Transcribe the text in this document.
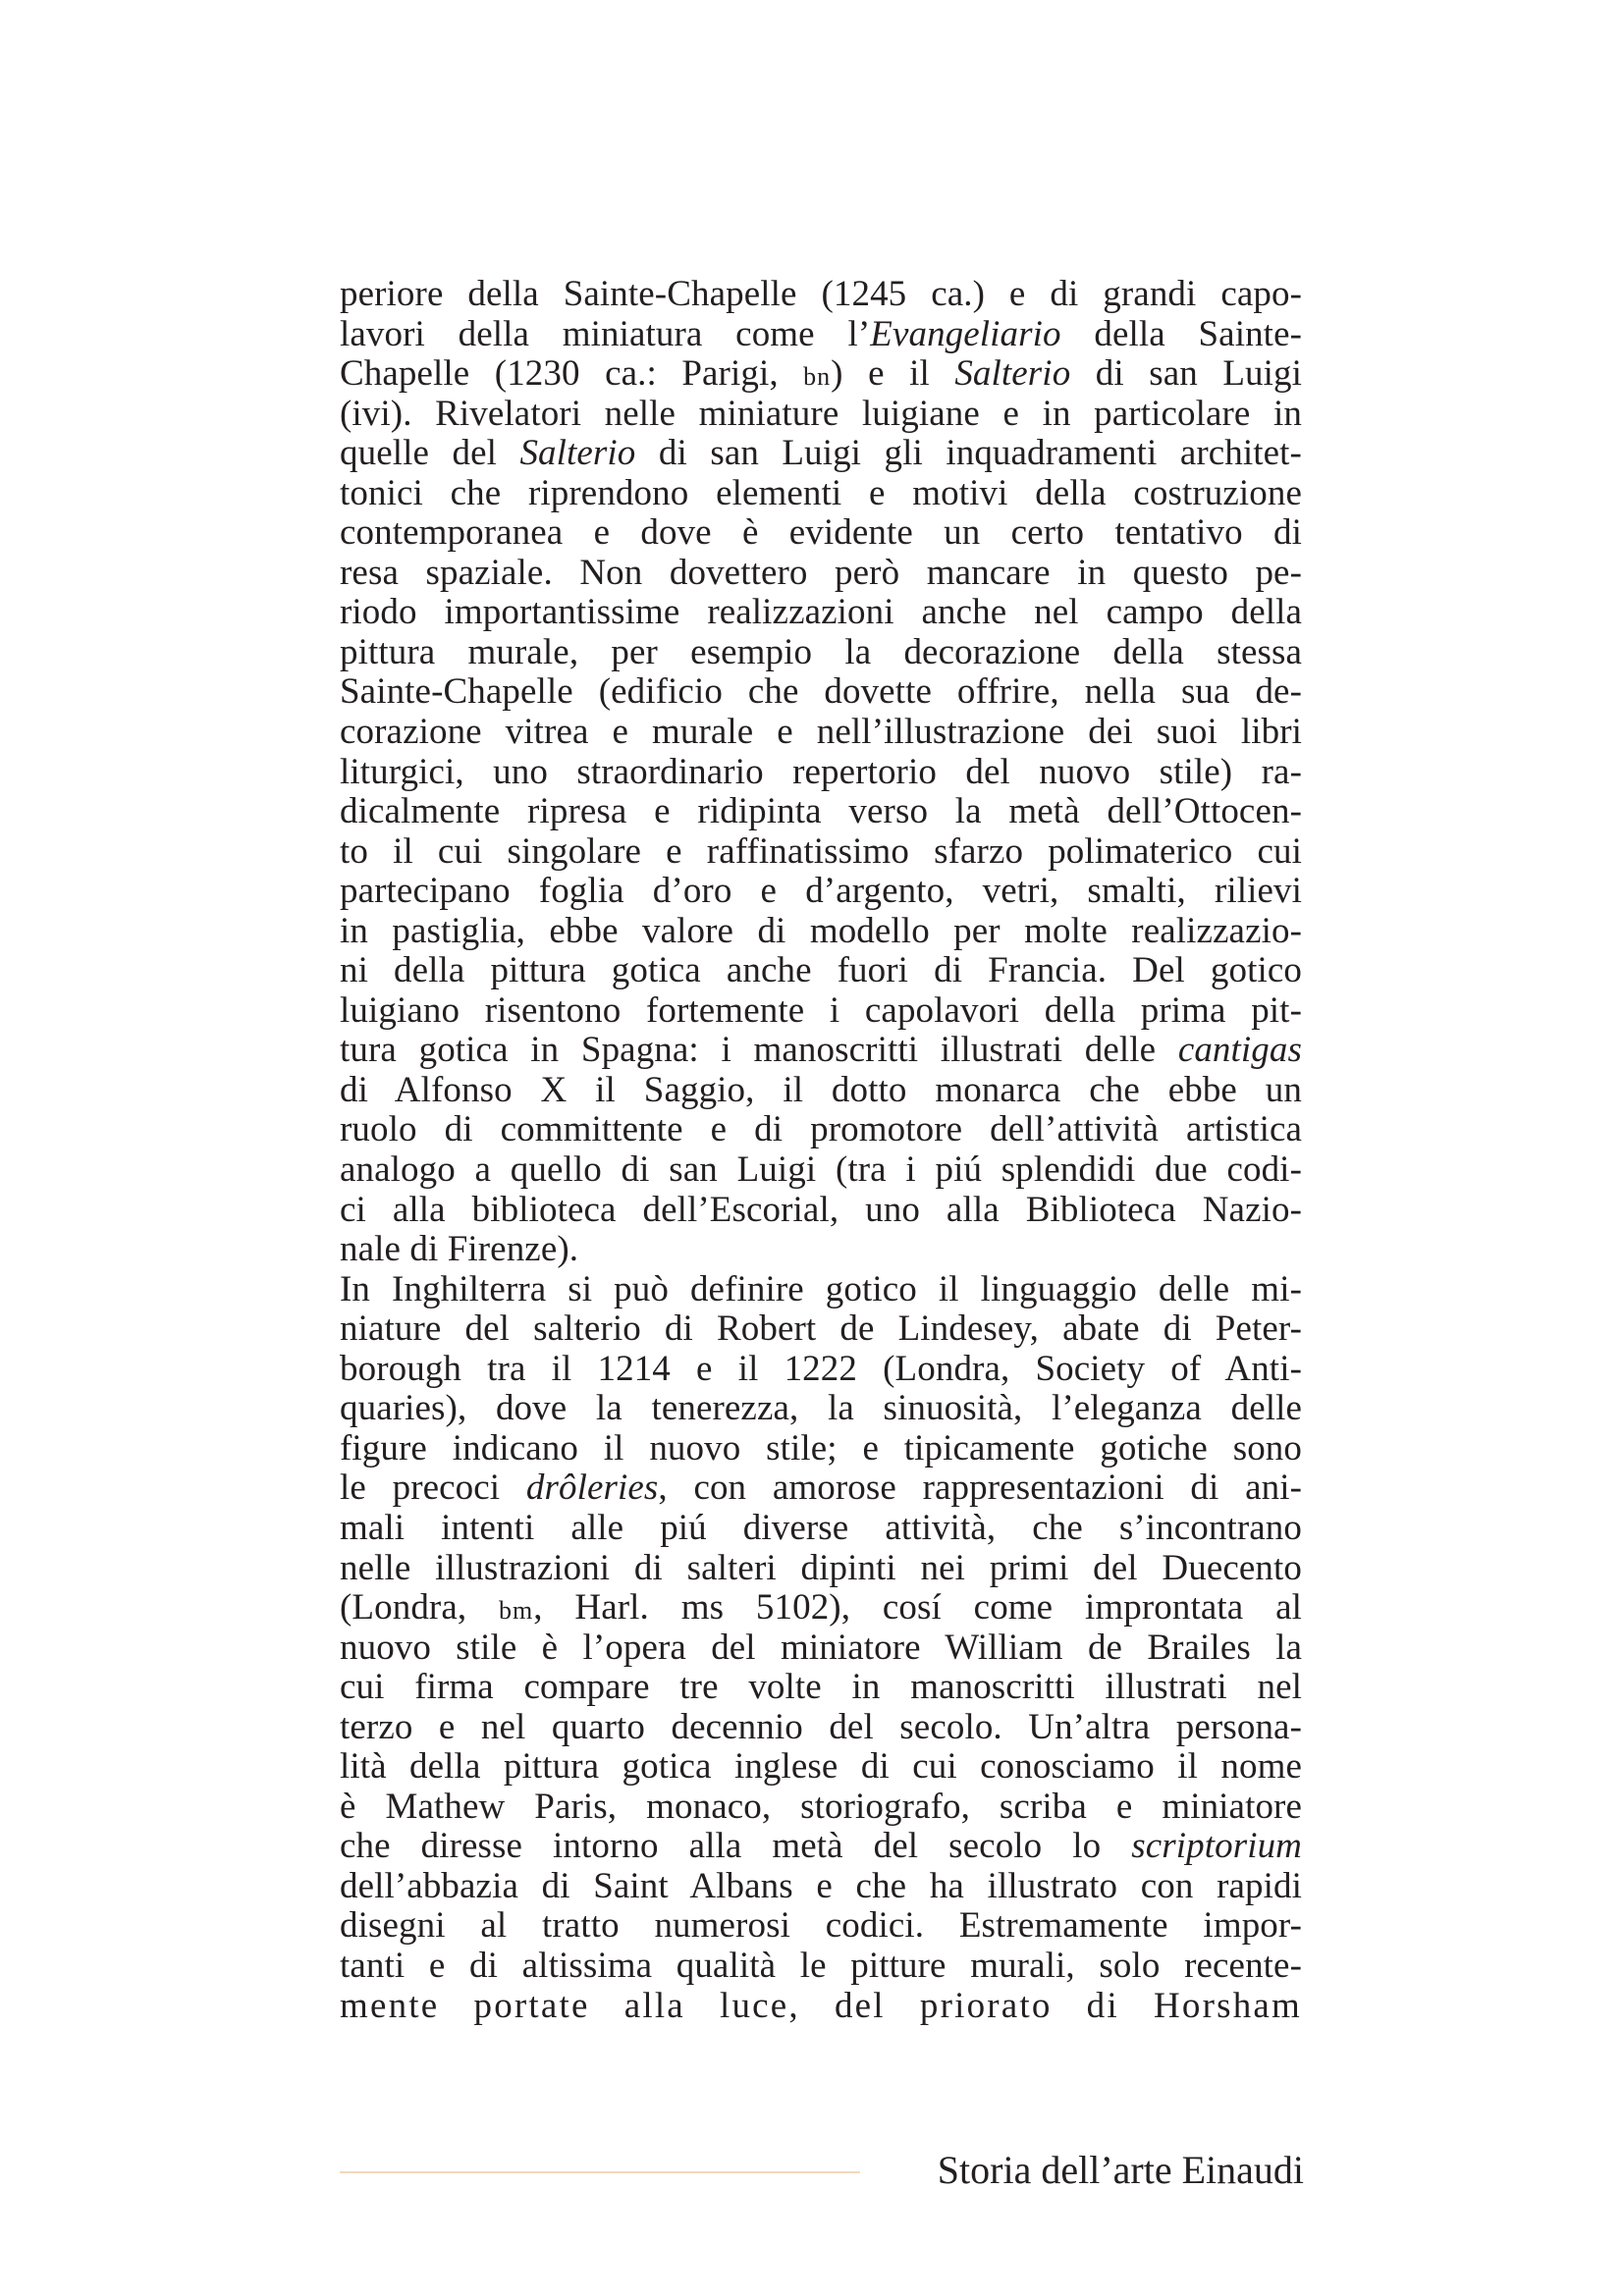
periore della Sainte-Chapelle (1245 ca.) e di grandi capo-
lavori della miniatura come l’Evangeliario della Sainte-
Chapelle (1230 ca.: Parigi, bn) e il Salterio di san Luigi
(ivi). Rivelatori nelle miniature luigiane e in particolare in
quelle del Salterio di san Luigi gli inquadramenti architet-
tonici che riprendono elementi e motivi della costruzione
contemporanea e dove è evidente un certo tentativo di
resa spaziale. Non dovettero però mancare in questo pe-
riodo importantissime realizzazioni anche nel campo della
pittura murale, per esempio la decorazione della stessa
Sainte-Chapelle (edificio che dovette offrire, nella sua de-
corazione vitrea e murale e nell’illustrazione dei suoi libri
liturgici, uno straordinario repertorio del nuovo stile) ra-
dicalmente ripresa e ridipinta verso la metà dell’Ottocen-
to il cui singolare e raffinatissimo sfarzo polimaterico cui
partecipano foglia d’oro e d’argento, vetri, smalti, rilievi
in pastiglia, ebbe valore di modello per molte realizzazio-
ni della pittura gotica anche fuori di Francia. Del gotico
luigiano risentono fortemente i capolavori della prima pit-
tura gotica in Spagna: i manoscritti illustrati delle cantigas
di Alfonso X il Saggio, il dotto monarca che ebbe un
ruolo di committente e di promotore dell’attività artistica
analogo a quello di san Luigi (tra i piú splendidi due codi-
ci alla biblioteca dell’Escorial, uno alla Biblioteca Nazio-
nale di Firenze).
In Inghilterra si può definire gotico il linguaggio delle mi-
niature del salterio di Robert de Lindesey, abate di Peter-
borough tra il 1214 e il 1222 (Londra, Society of Anti-
quaries), dove la tenerezza, la sinuosità, l’eleganza delle
figure indicano il nuovo stile; e tipicamente gotiche sono
le precoci drôleries, con amorose rappresentazioni di ani-
mali intenti alle piú diverse attività, che s’incontrano
nelle illustrazioni di salteri dipinti nei primi del Duecento
(Londra, bm, Harl. ms 5102), cosí come improntata al
nuovo stile è l’opera del miniatore William de Brailes la
cui firma compare tre volte in manoscritti illustrati nel
terzo e nel quarto decennio del secolo. Un’altra persona-
lità della pittura gotica inglese di cui conosciamo il nome
è Mathew Paris, monaco, storiografo, scriba e miniatore
che diresse intorno alla metà del secolo lo scriptorium
dell’abbazia di Saint Albans e che ha illustrato con rapidi
disegni al tratto numerosi codici. Estremamente impor-
tanti e di altissima qualità le pitture murali, solo recente-
mente portate alla luce, del priorato di Horsham
Storia dell’arte Einaudi
